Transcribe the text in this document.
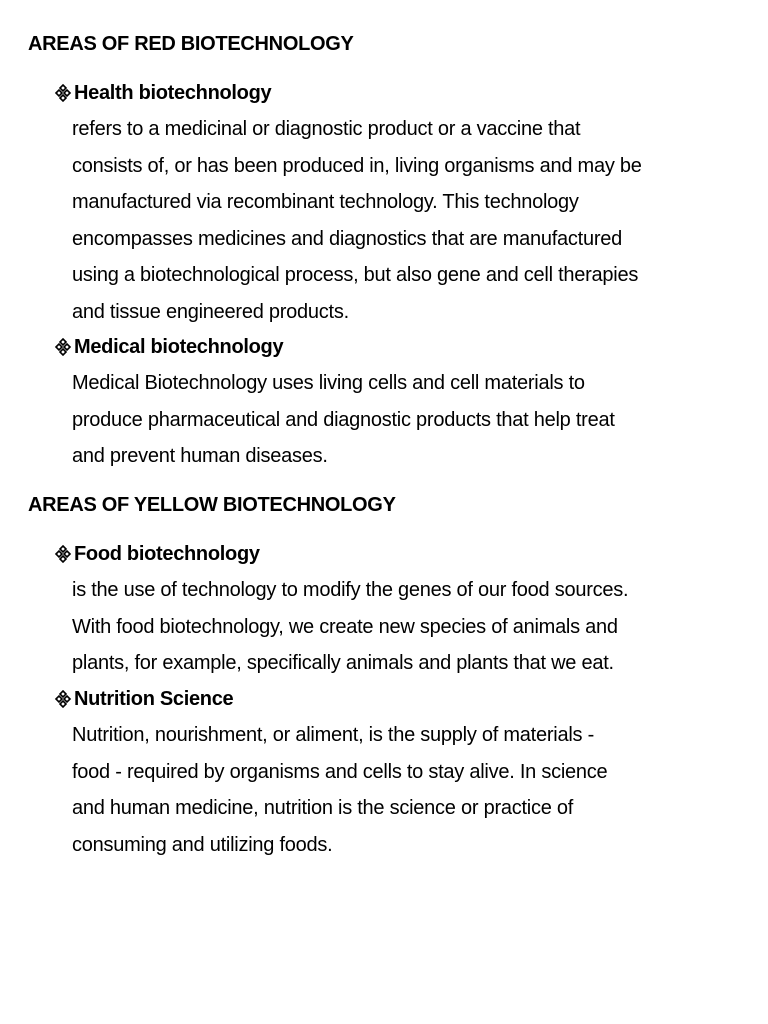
AREAS OF RED BIOTECHNOLOGY
Health biotechnology
refers to a medicinal or diagnostic product or a vaccine that
consists of, or has been produced in, living organisms and may be
manufactured via recombinant technology. This technology
encompasses medicines and diagnostics that are manufactured
using a biotechnological process, but also gene and cell therapies
and tissue engineered products.
Medical biotechnology
Medical Biotechnology uses living cells and cell materials to
produce pharmaceutical and diagnostic products that help treat
and prevent human diseases.
AREAS OF YELLOW BIOTECHNOLOGY
Food biotechnology
is the use of technology to modify the genes of our food sources.
With food biotechnology, we create new species of animals and
plants, for example, specifically animals and plants that we eat.
Nutrition Science
Nutrition, nourishment, or aliment, is the supply of materials -
food - required by organisms and cells to stay alive. In science
and human medicine, nutrition is the science or practice of
consuming and utilizing foods.
